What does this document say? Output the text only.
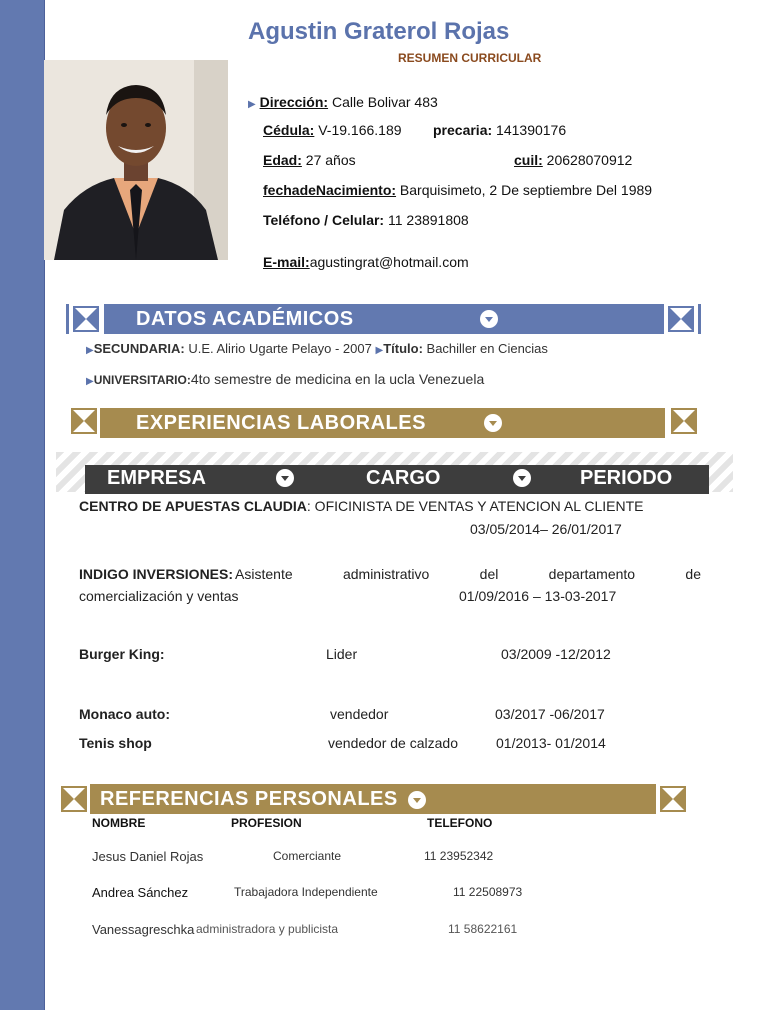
Agustin Graterol Rojas
RESUMEN CURRICULAR
▶ Dirección: Calle Bolivar 483
Cédula: V-19.166.189 precaria: 141390176
Edad: 27 años	cuil: 20628070912
fechadeNacimiento: Barquisimeto, 2 De septiembre Del 1989
Teléfono / Celular: 11 23891808
E-mail:agustingrat@hotmail.com
DATOS ACADÉMICOS
▶SECUNDARIA: U.E. Alirio Ugarte Pelayo - 2007 ▶Título: Bachiller en Ciencias
▶UNIVERSITARIO:4to semestre de medicina en la ucla Venezuela
EXPERIENCIAS LABORALES
EMPRESA	CARGO	PERIODO
CENTRO DE APUESTAS CLAUDIA: OFICINISTA DE VENTAS Y ATENCION AL CLIENTE
03/05/2014– 26/01/2017
INDIGO INVERSIONES: Asistente administrativo del departamento de
comercialización y ventas	01/09/2016 – 13-03-2017
Burger King:	Lider	03/2009 -12/2012
Monaco auto:	vendedor	03/2017 -06/2017
Tenis shop	vendedor de calzado	01/2013- 01/2014
REFERENCIAS PERSONALES
NOMBRE	PROFESION	TELEFONO
Jesus Daniel Rojas	Comerciante	11 23952342
Andrea Sánchez	Trabajadora Independiente	11 22508973
Vanessagreschka administradora y publicista	11 58622161
